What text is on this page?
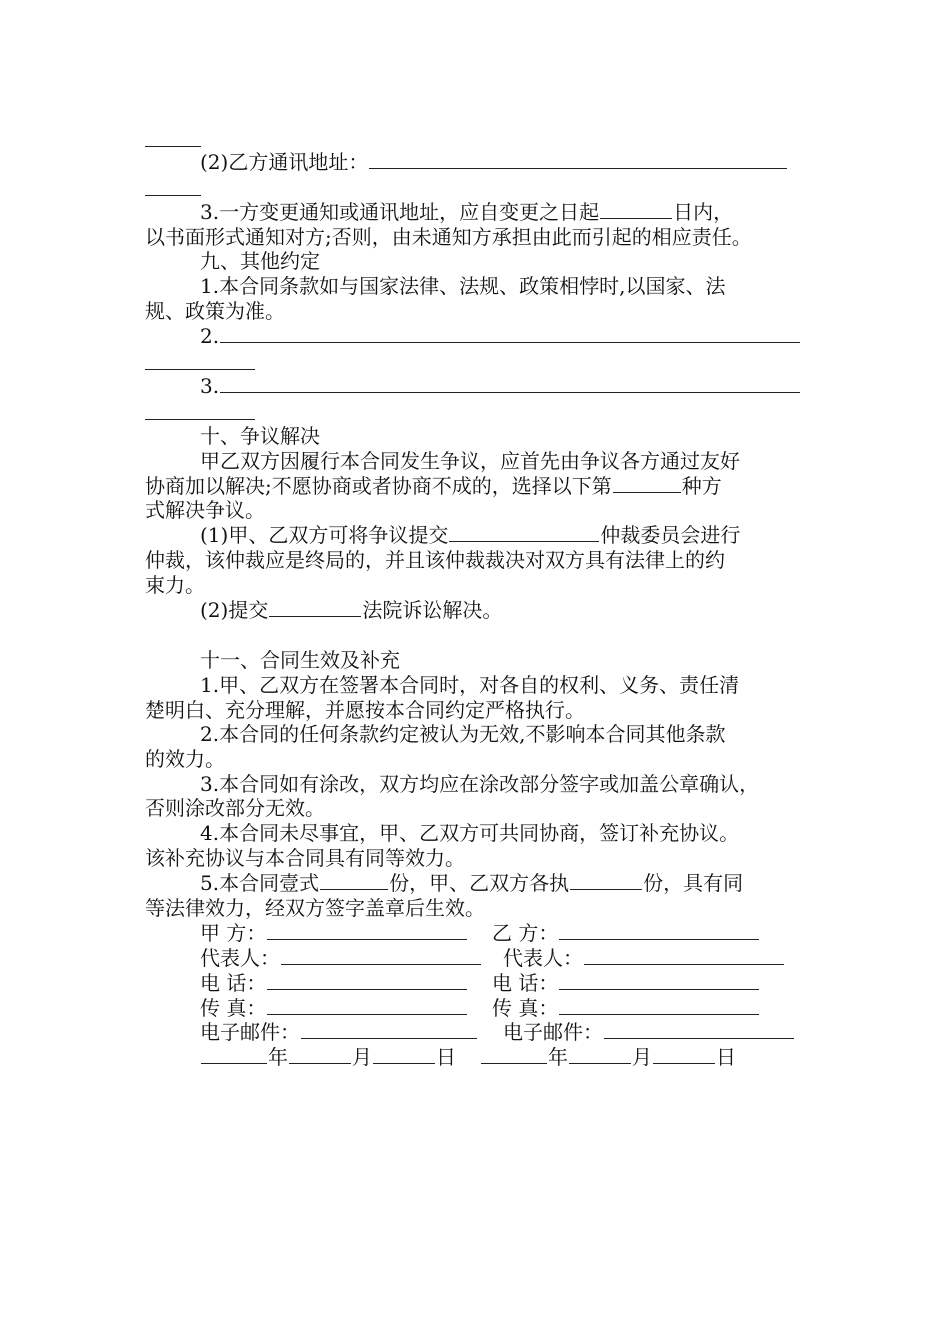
(2)乙方通讯地址：
3.一方变更通知或通讯地址，应自变更之日起	日内，
以书面形式通知对方;否则，由未通知方承担由此而引起的相应责任。
九、其他约定
1.本合同条款如与国家法律、法规、政策相悖时,以国家、法
规、政策为准。
2.
3.
十、争议解决
甲乙双方因履行本合同发生争议，应首先由争议各方通过友好
协商加以解决;不愿协商或者协商不成的，选择以下第	种方
式解决争议。
(1)甲、乙双方可将争议提交	仲裁委员会进行
仲裁，该仲裁应是终局的，并且该仲裁裁决对双方具有法律上的约
束力。
(2)提交	法院诉讼解决。
十一、合同生效及补充
1.甲、乙双方在签署本合同时，对各自的权利、义务、责任清
楚明白、充分理解，并愿按本合同约定严格执行。
2.本合同的任何条款约定被认为无效,不影响本合同其他条款
的效力。
3.本合同如有涂改，双方均应在涂改部分签字或加盖公章确认，
否则涂改部分无效。
4.本合同未尽事宜，甲、乙双方可共同协商，签订补充协议。
该补充协议与本合同具有同等效力。
5.本合同壹式	份，甲、乙双方各执	份，具有同
等法律效力，经双方签字盖章后生效。
甲 方：	乙 方：
代表人：	代表人：
电 话：	电 话：
传 真：	传 真：
电子邮件：	电子邮件：
年	月	日	年	月	日
